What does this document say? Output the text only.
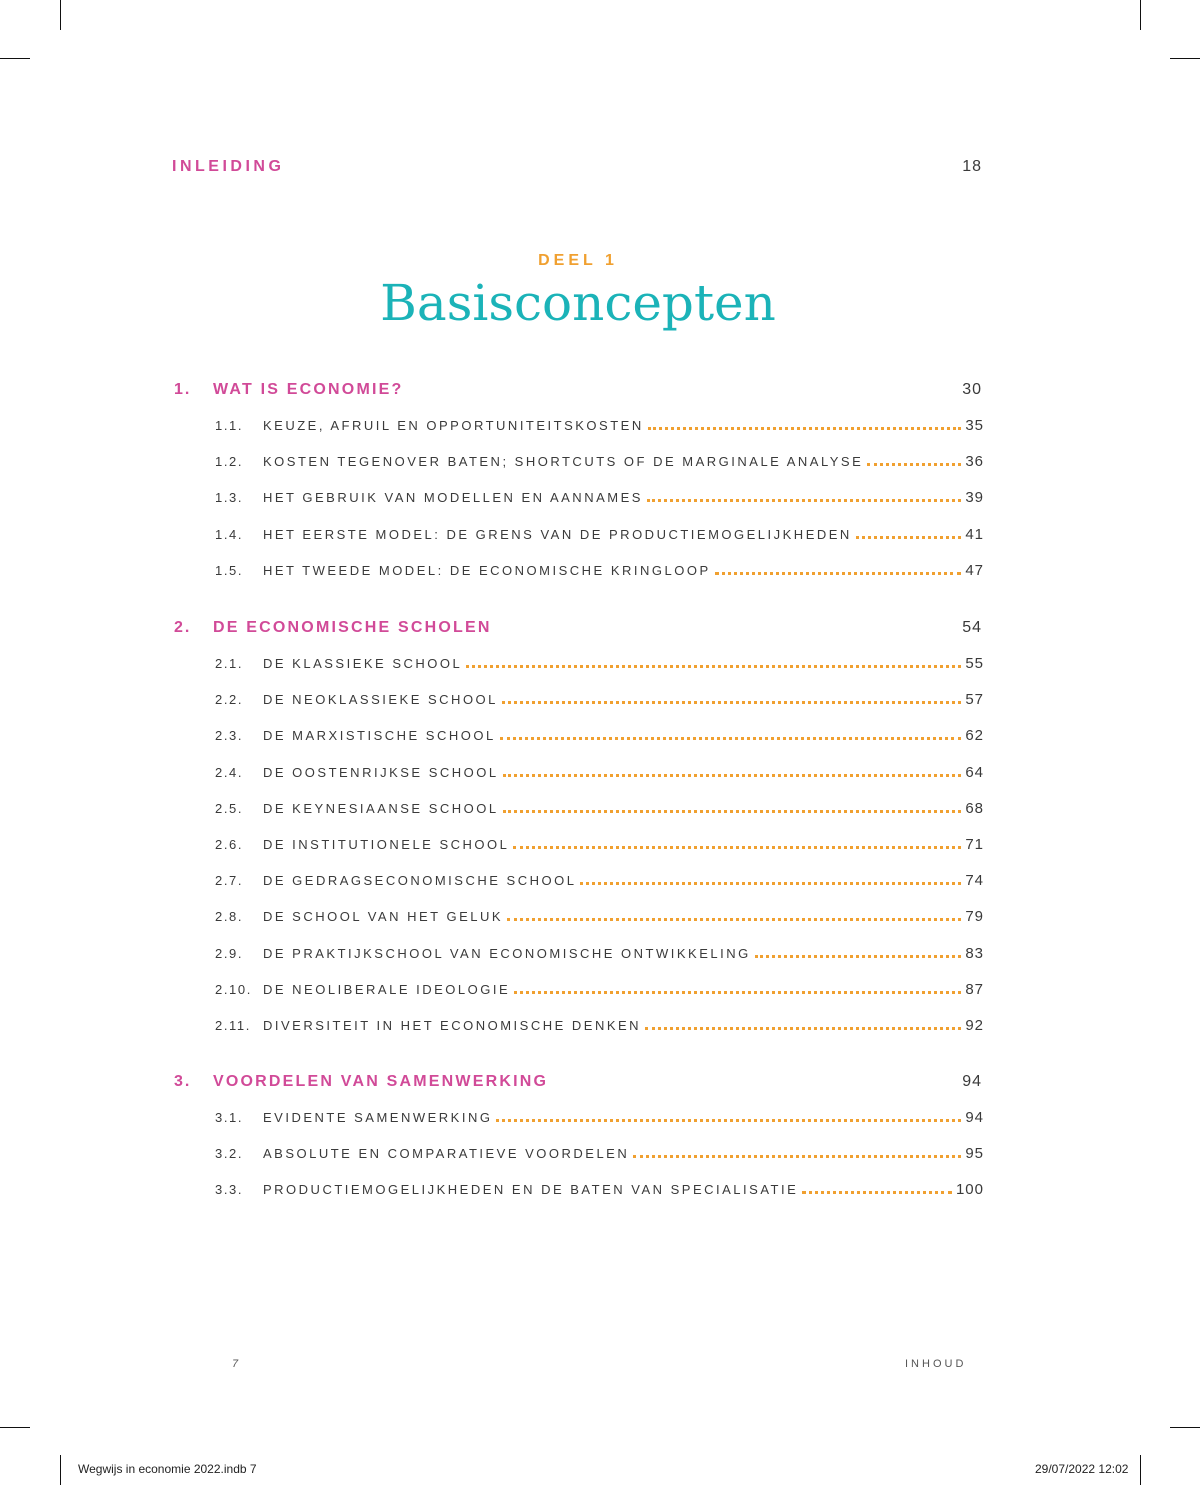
INLEIDING	18
DEEL 1
Basisconcepten
1. WAT IS ECONOMIE?	30
1.1.	KEUZE, AFRUIL EN OPPORTUNITEITSKOSTEN	35
1.2.	KOSTEN TEGENOVER BATEN; SHORTCUTS OF DE MARGINALE ANALYSE	36
1.3.	HET GEBRUIK VAN MODELLEN EN AANNAMES	39
1.4.	HET EERSTE MODEL: DE GRENS VAN DE PRODUCTIEMOGELIJKHEDEN	41
1.5.	HET TWEEDE MODEL: DE ECONOMISCHE KRINGLOOP	47
2. DE ECONOMISCHE SCHOLEN	54
2.1.	DE KLASSIEKE SCHOOL	55
2.2.	DE NEOKLASSIEKE SCHOOL	57
2.3.	DE MARXISTISCHE SCHOOL	62
2.4.	DE OOSTENRIJKSE SCHOOL	64
2.5.	DE KEYNESIAANSE SCHOOL	68
2.6.	DE INSTITUTIONELE SCHOOL	71
2.7.	DE GEDRAGSECONOMISCHE SCHOOL	74
2.8.	DE SCHOOL VAN HET GELUK	79
2.9.	DE PRAKTIJKSCHOOL VAN ECONOMISCHE ONTWIKKELING	83
2.10. DE NEOLIBERALE IDEOLOGIE	87
2.11. DIVERSITEIT IN HET ECONOMISCHE DENKEN	92
3. VOORDELEN VAN SAMENWERKING	94
3.1.	EVIDENTE SAMENWERKING	94
3.2.	ABSOLUTE EN COMPARATIEVE VOORDELEN	95
3.3.	PRODUCTIEMOGELIJKHEDEN EN DE BATEN VAN SPECIALISATIE	100
7	INHOUD
Wegwijs in economie 2022.indb 7	29/07/2022 12:02
